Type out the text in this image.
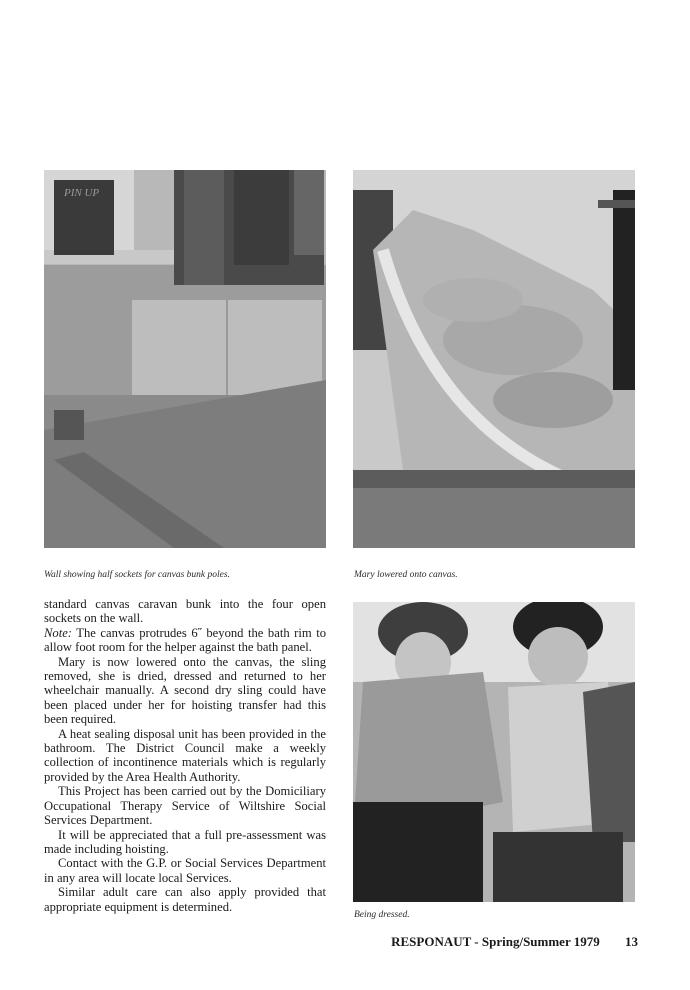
PIN UP
Wall showing half sockets for canvas bunk poles.	Mary lowered onto canvas.
Being dressed.

standard canvas caravan bunk into the four open sockets on the wall.

Note: The canvas protrudes 6˝ beyond the bath rim to allow foot room for the helper against the bath panel.

Mary is now lowered onto the canvas, the sling removed, she is dried, dressed and returned to her wheelchair manually. A second dry sling could have been placed under her for hoisting transfer had this been required.

A heat sealing disposal unit has been provided in the bathroom. The District Council make a weekly collection of incontinence materials which is regularly provided by the Area Health Authority.

This Project has been carried out by the Domiciliary Occupational Therapy Service of Wiltshire Social Services Department.

It will be appreciated that a full pre-assessment was made including hoisting.

Contact with the G.P. or Social Services Department in any area will locate local Services.

Similar adult care can also apply provided that appropriate equipment is determined.

RESPONAUT - Spring/Summer 1979 13
